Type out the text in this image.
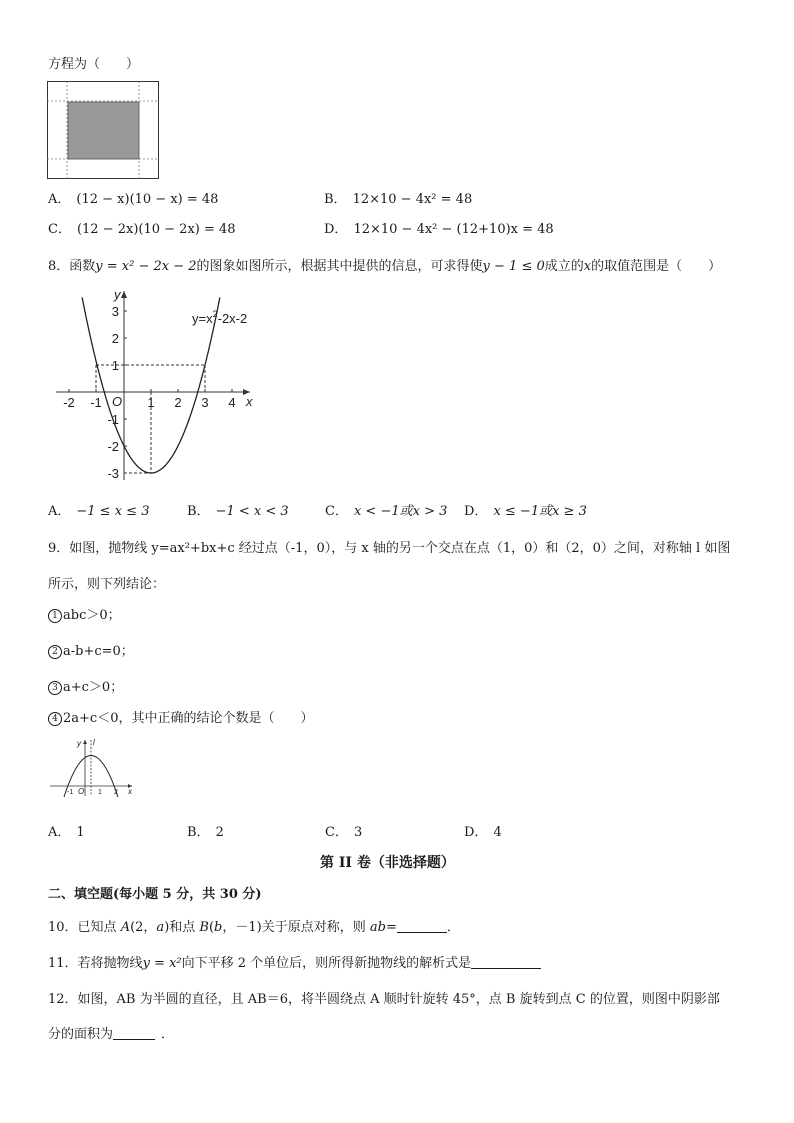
方程为（　　）
A． (12 − x)(10 − x) = 48	B． 12×10 − 4x² = 48
C． (12 − 2x)(10 − 2x) = 48	D． 12×10 − 4x² − (12+10)x = 48
8．函数y = x² − 2x − 2的图象如图所示，根据其中提供的信息，可求得使y − 1 ≤ 0成立的x的取值范围是（　　）
$y=x^2-2x-2$
x
y
O
-2 -1	1 2 3 4
3
2
1
-1
-2
-3
A． −1 ≤ x ≤ 3	B． −1 < x < 3	C． x < −1或x > 3 D． x ≤ −1或x ≥ 3
9．如图，抛物线 y=ax²+bx+c 经过点（-1，0），与 x 轴的另一个交点在点（1，0）和（2，0）之间，对称轴 l 如图
所示，则下列结论：
1 abc＞0；
2 a-b+c=0；
3 a+c＞0；
4 2a+c＜0，其中正确的结论个数是（　　）
y l
x
O
-1	1 2
A． 1	B． 2	C． 3	D． 4
第 II 卷（非选择题）
二、填空题(每小题 5 分，共 30 分)
10．已知点 A(2，a)和点 B(b，－1)关于原点对称，则 ab=	．
11．若将抛物线y = x²向下平移 2 个单位后，则所得新抛物线的解析式是
12．如图，AB 为半圆的直径，且 AB＝6，将半圆绕点 A 顺时针旋转 45°，点 B 旋转到点 C 的位置，则图中阴影部
分的面积为	．
